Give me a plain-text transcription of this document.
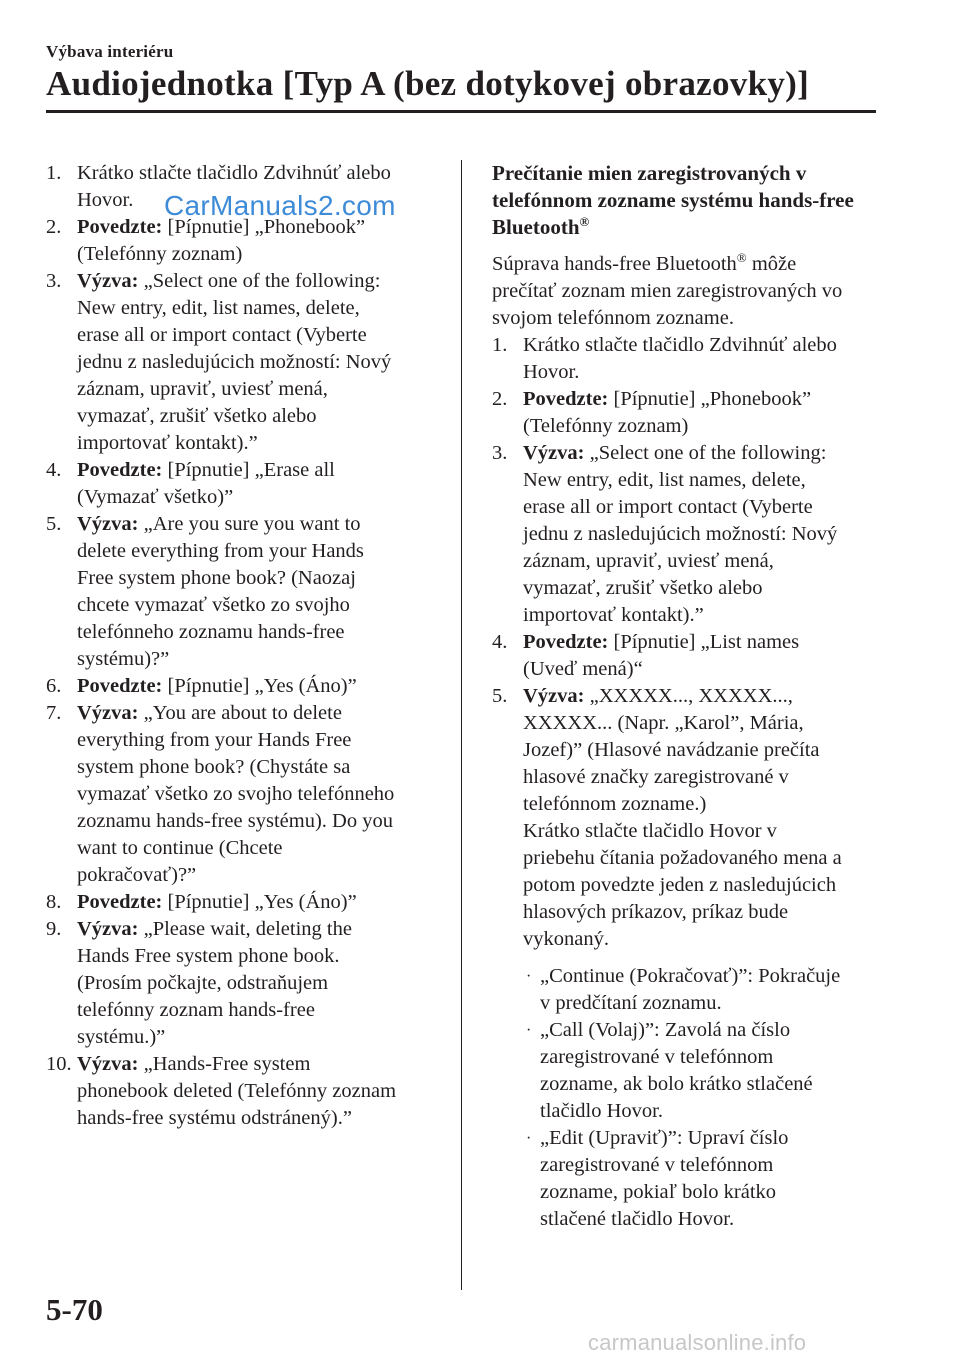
Výbava interiéru
Audiojednotka [Typ A (bez dotykovej obrazovky)]
1. Krátko stlačte tlačidlo Zdvihnúť alebo
Hovor.
2. Povedzte: [Pípnutie] „Phonebook”
(Telefónny zoznam)
3. Výzva: „Select one of the following:
New entry, edit, list names, delete,
erase all or import contact (Vyberte
jednu z nasledujúcich možností: Nový
záznam, upraviť, uviesť mená,
vymazať, zrušiť všetko alebo
importovať kontakt).”
4. Povedzte: [Pípnutie] „Erase all
(Vymazať všetko)”
5. Výzva: „Are you sure you want to
delete everything from your Hands
Free system phone book? (Naozaj
chcete vymazať všetko zo svojho
telefónneho zoznamu hands-free
systému)?”
6. Povedzte: [Pípnutie] „Yes (Áno)”
7. Výzva: „You are about to delete
everything from your Hands Free
system phone book? (Chystáte sa
vymazať všetko zo svojho telefónneho
zoznamu hands-free systému). Do you
want to continue (Chcete
pokračovať)?”
8. Povedzte: [Pípnutie] „Yes (Áno)”
9. Výzva: „Please wait, deleting the
Hands Free system phone book.
(Prosím počkajte, odstraňujem
telefónny zoznam hands-free
systému.)”
10. Výzva: „Hands-Free system
phonebook deleted (Telefónny zoznam
hands-free systému odstránený).”
Prečítanie mien zaregistrovaných v
telefónnom zozname systému hands-free
Bluetooth®
Súprava hands-free Bluetooth® môže
prečítať zoznam mien zaregistrovaných vo
svojom telefónnom zozname.
1. Krátko stlačte tlačidlo Zdvihnúť alebo
Hovor.
2. Povedzte: [Pípnutie] „Phonebook”
(Telefónny zoznam)
3. Výzva: „Select one of the following:
New entry, edit, list names, delete,
erase all or import contact (Vyberte
jednu z nasledujúcich možností: Nový
záznam, upraviť, uviesť mená,
vymazať, zrušiť všetko alebo
importovať kontakt).”
4. Povedzte: [Pípnutie] „List names
(Uveď mená)“
5. Výzva: „XXXXX..., XXXXX...,
XXXXX... (Napr. „Karol”, Mária,
Jozef)” (Hlasové navádzanie prečíta
hlasové značky zaregistrované v
telefónnom zozname.)
Krátko stlačte tlačidlo Hovor v
priebehu čítania požadovaného mena a
potom povedzte jeden z nasledujúcich
hlasových príkazov, príkaz bude
vykonaný.
· „Continue (Pokračovať)”: Pokračuje
v predčítaní zoznamu.
· „Call (Volaj)”: Zavolá na číslo
zaregistrované v telefónnom
zozname, ak bolo krátko stlačené
tlačidlo Hovor.
· „Edit (Upraviť)”: Upraví číslo
zaregistrované v telefónnom
zozname, pokiaľ bolo krátko
stlačené tlačidlo Hovor.
5-70
CarManuals2.com
carmanualsonline.info
